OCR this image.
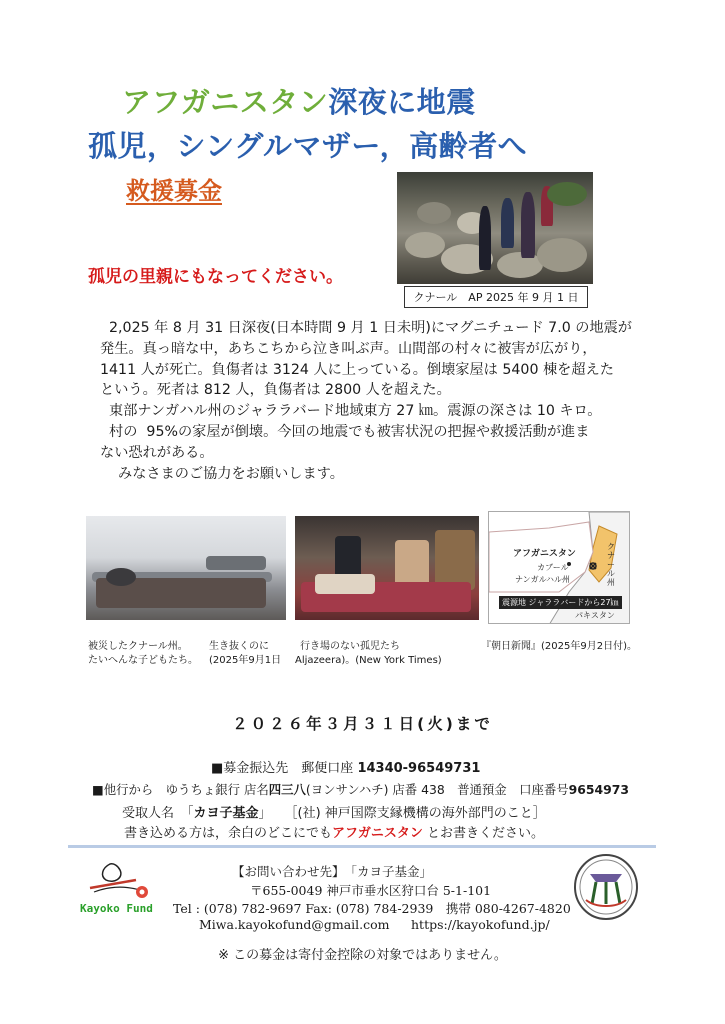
アフガニスタン深夜に地震
孤児，シングルマザー，高齢者へ
救援募金
孤児の里親にもなってください。
クナール　AP 2025 年 9 月 1 日

2,025 年 8 月 31 日深夜(日本時間 9 月 1 日未明)にマグニチュード 7.0 の地震が

発生。真っ暗な中，あちこちから泣き叫ぶ声。山間部の村々に被害が広がり，

1411 人が死亡。負傷者は 3124 人に上っている。倒壊家屋は 5400 棟を超えた

という。死者は 812 人，負傷者は 2800 人を超えた。

東部ナンガハル州のジャララバード地域東方 27 ㎞。震源の深さは 10 キロ。

村の  95%の家屋が倒壊。今回の地震でも被害状況の把握や救援活動が進ま

ない恐れがある。

みなさまのご協力をお願いします。

アフガニスタン
カブール
ナンガルハル州
クナール州
震源地 ジャララバードから27㎞
パキスタン
被災したクナール州。
たいへんな子どもたち。
生き抜くのに
(2025年9月1日
行き場のない孤児たち
Aljazeera)。(New York Times)
『朝日新聞』(2025年9月2日付)。
２０２６年３月３１日(火)まで
■募金振込先　郵便口座 14340-96549731
■他行から　ゆうちょ銀行 店名四三八(ヨンサンハチ) 店番 438　普通預金　口座番号9654973
受取人名　「カヨ子基金」　　［(社) 神戸国際支縁機構の海外部門のこと］
書き込める方は，余白のどこにでもアフガニスタン とお書きください。
Kayoko Fund
【お問い合わせ先】　「カヨ子基金」
〒655-0049 神戸市垂水区狩口台 5-1-101
Tel : (078) 782-9697 Fax: (078) 784-2939　携帯 080-4267-4820
Miwa.kayokofund@gmail.com https://kayokofund.jp/
※ この募金は寄付金控除の対象ではありません。
